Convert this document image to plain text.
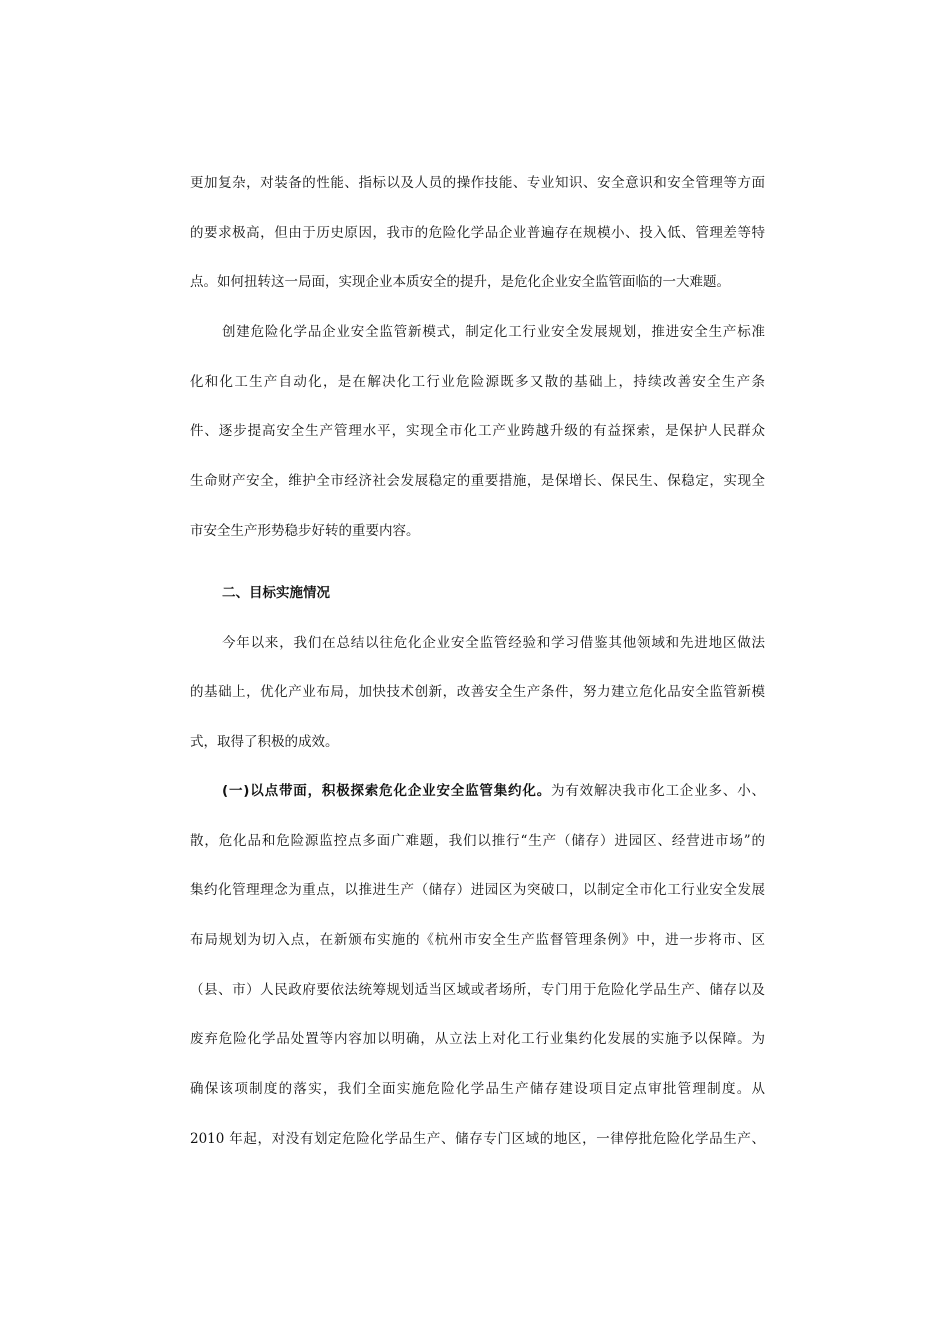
更加复杂，对装备的性能、指标以及人员的操作技能、专业知识、安全意识和安全管理等方面
的要求极高，但由于历史原因，我市的危险化学品企业普遍存在规模小、投入低、管理差等特
点。如何扭转这一局面，实现企业本质安全的提升，是危化企业安全监管面临的一大难题。
创建危险化学品企业安全监管新模式，制定化工行业安全发展规划，推进安全生产标准
化和化工生产自动化，是在解决化工行业危险源既多又散的基础上，持续改善安全生产条
件、逐步提高安全生产管理水平，实现全市化工产业跨越升级的有益探索，是保护人民群众
生命财产安全，维护全市经济社会发展稳定的重要措施，是保增长、保民生、保稳定，实现全
市安全生产形势稳步好转的重要内容。
二、目标实施情况
今年以来，我们在总结以往危化企业安全监管经验和学习借鉴其他领域和先进地区做法
的基础上，优化产业布局，加快技术创新，改善安全生产条件，努力建立危化品安全监管新模
式，取得了积极的成效。
(一)以点带面，积极探索危化企业安全监管集约化。为有效解决我市化工企业多、小、
散，危化品和危险源监控点多面广难题，我们以推行“生产（储存）进园区、经营进市场”的
集约化管理理念为重点，以推进生产（储存）进园区为突破口，以制定全市化工行业安全发展
布局规划为切入点，在新颁布实施的《杭州市安全生产监督管理条例》中，进一步将市、区
（县、市）人民政府要依法统筹规划适当区域或者场所，专门用于危险化学品生产、储存以及
废弃危险化学品处置等内容加以明确，从立法上对化工行业集约化发展的实施予以保障。为
确保该项制度的落实，我们全面实施危险化学品生产储存建设项目定点审批管理制度。从
2010 年起，对没有划定危险化学品生产、储存专门区域的地区，一律停批危险化学品生产、
